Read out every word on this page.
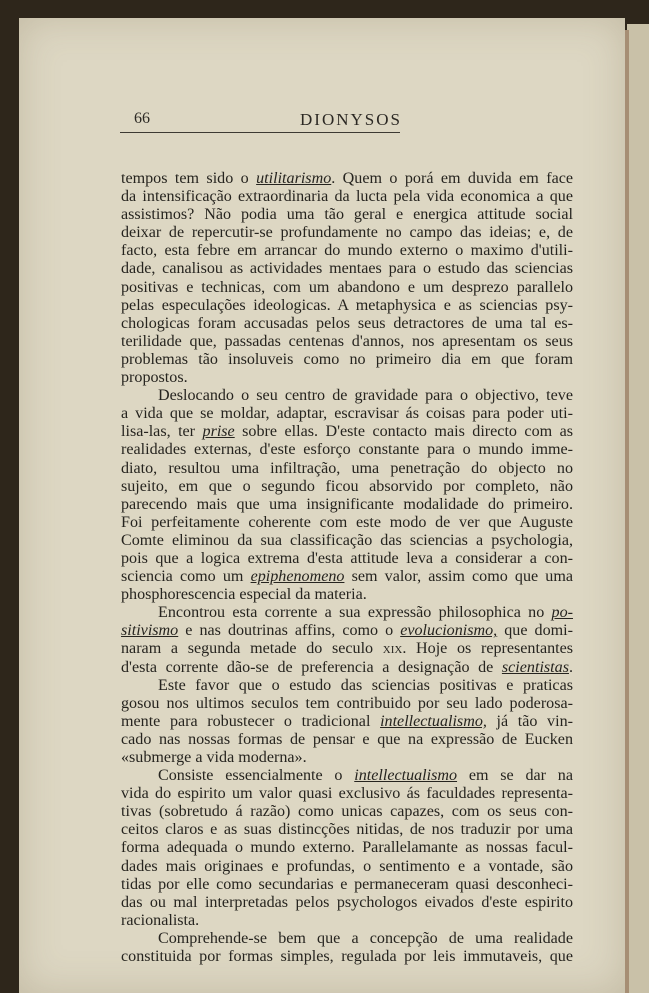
66	DIONYSOS
tempos tem sido o utilitarismo. Quem o porá em duvida em face
da intensificação extraordinaria da lucta pela vida economica a que
assistimos? Não podia uma tão geral e energica attitude social
deixar de repercutir-se profundamente no campo das ideias; e, de
facto, esta febre em arrancar do mundo externo o maximo d'utili-
dade, canalisou as actividades mentaes para o estudo das sciencias
positivas e technicas, com um abandono e um desprezo parallelo
pelas especulações ideologicas. A metaphysica e as sciencias psy-
chologicas foram accusadas pelos seus detractores de uma tal es-
terilidade que, passadas centenas d'annos, nos apresentam os seus
problemas tão insoluveis como no primeiro dia em que foram
propostos.
Deslocando o seu centro de gravidade para o objectivo, teve
a vida que se moldar, adaptar, escravisar ás coisas para poder uti-
lisa-las, ter prise sobre ellas. D'este contacto mais directo com as
realidades externas, d'este esforço constante para o mundo imme-
diato, resultou uma infiltração, uma penetração do objecto no
sujeito, em que o segundo ficou absorvido por completo, não
parecendo mais que uma insignificante modalidade do primeiro.
Foi perfeitamente coherente com este modo de ver que Auguste
Comte eliminou da sua classificação das sciencias a psychologia,
pois que a logica extrema d'esta attitude leva a considerar a con-
sciencia como um epiphenomeno sem valor, assim como que uma
phosphorescencia especial da materia.
Encontrou esta corrente a sua expressão philosophica no po-
sitivismo e nas doutrinas affins, como o evolucionismo, que domi-
naram a segunda metade do seculo xix. Hoje os representantes
d'esta corrente dão-se de preferencia a designação de scientistas.
Este favor que o estudo das sciencias positivas e praticas
gosou nos ultimos seculos tem contribuido por seu lado poderosa-
mente para robustecer o tradicional intellectualismo, já tão vin-
cado nas nossas formas de pensar e que na expressão de Eucken
«submerge a vida moderna».
Consiste essencialmente o intellectualismo em se dar na
vida do espirito um valor quasi exclusivo ás faculdades representa-
tivas (sobretudo á razão) como unicas capazes, com os seus con-
ceitos claros e as suas distincções nitidas, de nos traduzir por uma
forma adequada o mundo externo. Parallelamante as nossas facul-
dades mais originaes e profundas, o sentimento e a vontade, são
tidas por elle como secundarias e permaneceram quasi desconheci-
das ou mal interpretadas pelos psychologos eivados d'este espirito
racionalista.
Comprehende-se bem que a concepção de uma realidade
constituida por formas simples, regulada por leis immutaveis, que
